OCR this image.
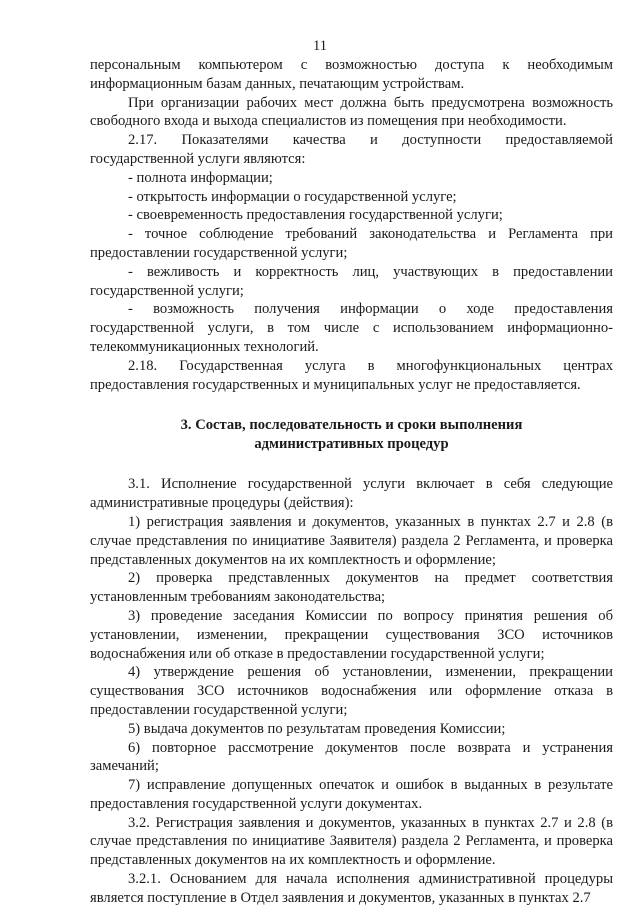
11

персональным компьютером с возможностью доступа к необходимым информационным базам данных, печатающим устройствам.

При организации рабочих мест должна быть предусмотрена возможность свободного входа и выхода специалистов из помещения при необходимости.

2.17. Показателями качества и доступности предоставляемой государственной услуги являются:

- полнота информации;

- открытость информации о государственной услуге;

- своевременность предоставления государственной услуги;

- точное соблюдение требований законодательства и Регламента при предоставлении государственной услуги;

- вежливость и корректность лиц, участвующих в предоставлении государственной услуги;

- возможность получения информации о ходе предоставления государственной услуги, в том числе с использованием информационно-телекоммуникационных технологий.

2.18. Государственная услуга в многофункциональных центрах предоставления государственных и муниципальных услуг не предоставляется.

3. Состав, последовательность и сроки выполнения
административных процедур

3.1. Исполнение государственной услуги включает в себя следующие административные процедуры (действия):

1) регистрация заявления и документов, указанных в пунктах 2.7 и 2.8 (в случае представления по инициативе Заявителя) раздела 2 Регламента, и проверка представленных документов на их комплектность и оформление;

2) проверка представленных документов на предмет соответствия установленным требованиям законодательства;

3) проведение заседания Комиссии по вопросу принятия решения об установлении, изменении, прекращении существования ЗСО источников водоснабжения или об отказе в предоставлении государственной услуги;

4) утверждение решения об установлении, изменении, прекращении существования ЗСО источников водоснабжения или оформление отказа в предоставлении государственной услуги;

5) выдача документов по результатам проведения Комиссии;

6) повторное рассмотрение документов после возврата и устранения замечаний;

7) исправление допущенных опечаток и ошибок в выданных в результате предоставления государственной услуги документах.

3.2. Регистрация заявления и документов, указанных в пунктах 2.7 и 2.8 (в случае представления по инициативе Заявителя) раздела 2 Регламента, и проверка представленных документов на их комплектность и оформление.

3.2.1. Основанием для начала исполнения административной процедуры является поступление в Отдел заявления и документов, указанных в пунктах 2.7
